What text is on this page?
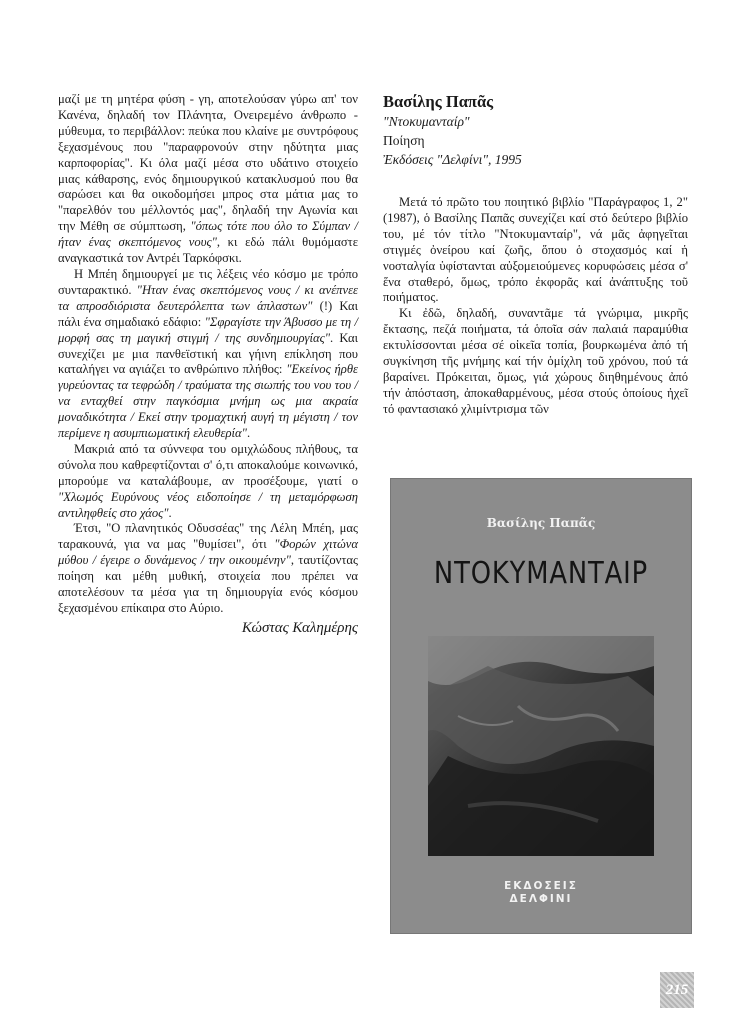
μαζί με τη μητέρα φύση - γη, αποτελούσαν γύρω απ' τον Κανένα, δηλαδή τον Πλάνητα, Ονειρεμένο άνθρωπο - μύθευμα, το περιβάλλον: πεύκα που κλαίνε με συντρόφους ξεχασμένους που "παραφρονούν στην ηδύτητα μιας καρποφορίας". Κι όλα μαζί μέσα στο υδάτινο στοιχείο μιας κάθαρσης, ενός δημιουργικού κατακλυσμού που θα σαρώσει και θα οικοδομήσει μπρος στα μάτια μας το "παρελθόν του μέλλοντός μας", δηλαδή την Αγωνία και την Μέθη σε σύμπτωση, "όπως τότε που όλο το Σύμπαν / ήταν ένας σκεπτόμενος νους", κι εδώ πάλι θυμόμαστε αναγκαστικά τον Αντρέι Ταρκόφσκι.

Η Μπέη δημιουργεί με τις λέξεις νέο κόσμο με τρόπο συνταρακτικό. "Ηταν ένας σκεπτόμενος νους / κι ανέπνεε τα απροσδιόριστα δευτερόλεπτα των άπλαστων" (!) Και πάλι ένα σημαδιακό εδάφιο: "Σφραγίστε την Άβυσσο με τη / μορφή σας τη μαγική στιγμή / της συνδημιουργίας". Και συνεχίζει με μια πανθεϊστική και γήινη επίκληση που καταλήγει να αγιάζει το ανθρώπινο πλήθος: "Εκείνος ήρθε γυρεύοντας τα τεφρώδη / τραύματα της σιωπής του νου του / να ενταχθεί στην παγκόσμια μνήμη ως μια ακραία μοναδικότητα / Εκεί στην τρομαχτική αυγή τη μέγιστη / τον περίμενε η ασυμπιωματική ελευθερία".

Μακριά από τα σύννεφα του ομιχλώδους πλήθους, τα σύνολα που καθρεφτίζονται σ' ό,τι αποκαλούμε κοινωνικό, μπορούμε να καταλάβουμε, αν προσέξουμε, γιατί ο "Χλωμός Ευρύνους νέος ειδοποίησε / τη μεταμόρφωση αντιληφθείς στο χάος".

Έτσι, "Ο πλανητικός Οδυσσέας" της Λέλη Μπέη, μας ταρακουνά, για να μας "θυμίσει", ότι "Φορών χιτώνα μύθου / έγειρε ο δυνάμενος / την οικουμένην", ταυτίζοντας ποίηση και μέθη μυθική, στοιχεία που πρέπει να αποτελέσουν τα μέσα για τη δημιουργία ενός κόσμου ξεχασμένου επίκαιρα στο Αύριο.

Κώστας Καλημέρης

Βασίλης Παπᾶς
"Ντοκυμανταίρ"
Ποίηση
Ἐκδόσεις "Δελφίνι", 1995

Μετά τό πρῶτο του ποιητικό βιβλίο "Παράγραφος 1, 2" (1987), ὁ Βασίλης Παπᾶς συνεχίζει καί στό δεύτερο βιβλίο του, μέ τόν τίτλο "Ντοκυμανταίρ", νά μᾶς ἀφηγεῖται στιγμές ὀνείρου καί ζωῆς, ὅπου ὁ στοχασμός καί ἡ νοσταλγία ὑφίστανται αὐξομειούμενες κορυφώσεις μέσα σ' ἕνα σταθερό, ὅμως, τρόπο ἐκφορᾶς καί ἀνάπτυξης τοῦ ποιήματος.

Κι ἐδῶ, δηλαδή, συναντᾶμε τά γνώριμα, μικρῆς ἔκτασης, πεζά ποιήματα, τά ὁποῖα σάν παλαιά παραμύθια εκτυλίσσονται μέσα σέ οἰκεῖα τοπία, βουρκωμένα ἀπό τή συγκίνηση τῆς μνήμης καί τήν ὁμίχλη τοῦ χρόνου, πού τά βαραίνει. Πρόκειται, ὅμως, γιά χώρους διηθημένους ἀπό τήν ἀπόσταση, ἀποκαθαρμένους, μέσα στούς ὁποίους ἠχεῖ τό φαντασιακό χλιμίντρισμα τῶν

Βασίλης Παπᾶς
ΝΤΟΚΥΜΑΝΤΑΙΡ
ΕΚΔΟΣΕΙΣ
ΔΕΛΦΙΝΙ
215
